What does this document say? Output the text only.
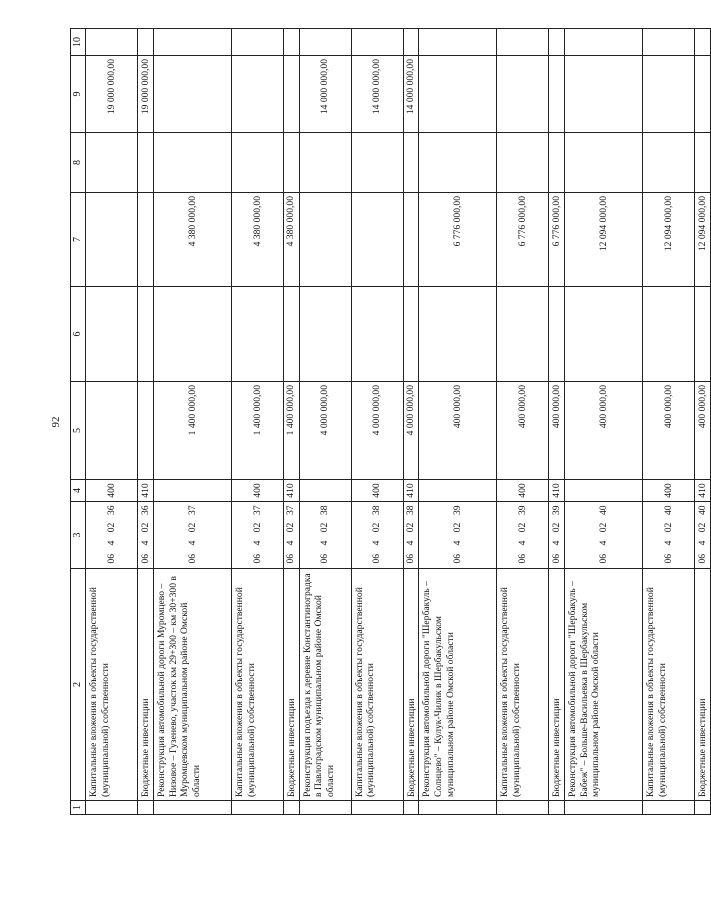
92
1	2	3				4	5	6	7	8	9	10
	Капитальные вложения в объекты государственной (муниципальной) собственности	06	4	02	36	400					19 000 000,00	
	Бюджетные инвестиции	06	4	02	36	410					19 000 000,00	
	Реконструкция автомобильной дороги Муромцево – Низовое – Гузенево, участок км 29+300 – км 30+300 в Муромцевском муниципальном районе Омской области	06	4	02	37		1 400 000,00		4 380 000,00			
	Капитальные вложения в объекты государственной (муниципальной) собственности	06	4	02	37	400	1 400 000,00		4 380 000,00			
	Бюджетные инвестиции	06	4	02	37	410	1 400 000,00		4 380 000,00			
	Реконструкция подъезда к деревне Константиноградка в Павлоградском муниципальном районе Омской области	06	4	02	38		4 000 000,00				14 000 000,00	
	Капитальные вложения в объекты государственной (муниципальной) собственности	06	4	02	38	400	4 000 000,00				14 000 000,00	
	Бюджетные инвестиции	06	4	02	38	410	4 000 000,00				14 000 000,00	
	Реконструкция автомобильной дороги "Шербакуль – Солнцево" – Кулук-Чилик в Шербакульском муниципальном районе Омской области	06	4	02	39		400 000,00		6 776 000,00			
	Капитальные вложения в объекты государственной (муниципальной) собственности	06	4	02	39	400	400 000,00		6 776 000,00			
	Бюджетные инвестиции	06	4	02	39	410	400 000,00		6 776 000,00			
	Реконструкция автомобильной дороги "Шербакуль – Бабеж" – Больше-Васильевка в Шербакульском муниципальном районе Омской области	06	4	02	40		400 000,00		12 094 000,00			
	Капитальные вложения в объекты государственной (муниципальной) собственности	06	4	02	40	400	400 000,00		12 094 000,00			
	Бюджетные инвестиции	06	4	02	40	410	400 000,00		12 094 000,00			
